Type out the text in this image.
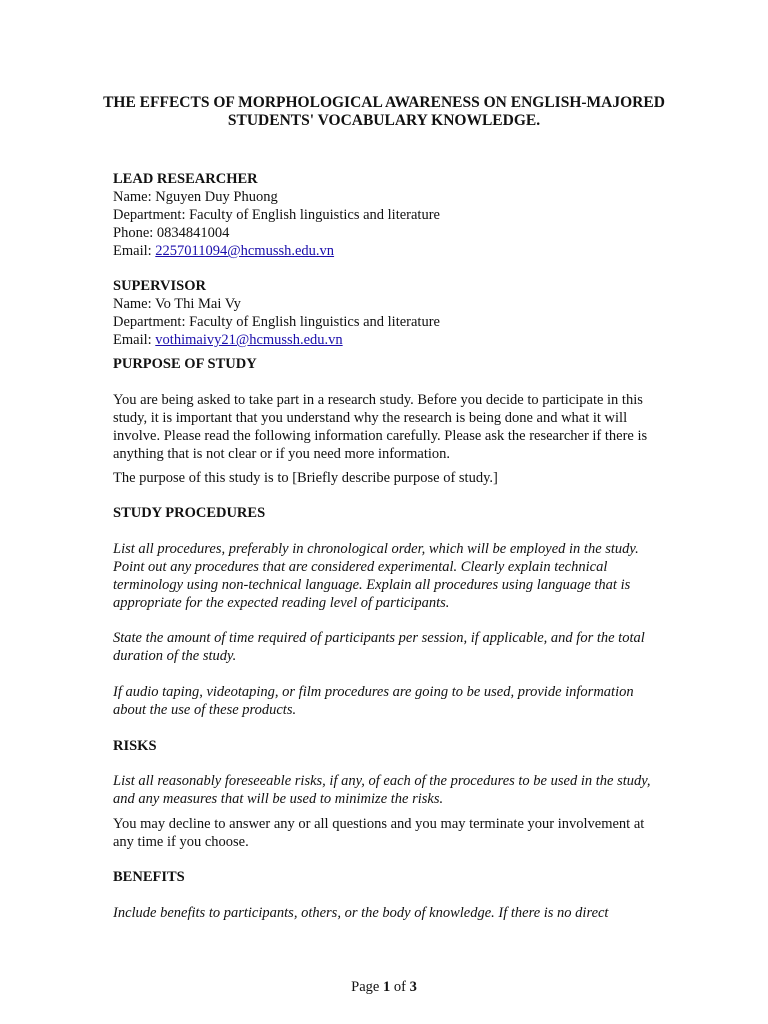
THE EFFECTS OF MORPHOLOGICAL AWARENESS ON ENGLISH-MAJORED STUDENTS' VOCABULARY KNOWLEDGE.
LEAD RESEARCHER
Name: Nguyen Duy Phuong
Department: Faculty of English linguistics and literature
Phone: 0834841004
Email: 2257011094@hcmussh.edu.vn
SUPERVISOR
Name: Vo Thi Mai Vy
Department: Faculty of English linguistics and literature
Email: vothimaivy21@hcmussh.edu.vn
PURPOSE OF STUDY
You are being asked to take part in a research study. Before you decide to participate in this study, it is important that you understand why the research is being done and what it will involve. Please read the following information carefully. Please ask the researcher if there is anything that is not clear or if you need more information.
The purpose of this study is to [Briefly describe purpose of study.]
STUDY PROCEDURES
List all procedures, preferably in chronological order, which will be employed in the study. Point out any procedures that are considered experimental. Clearly explain technical terminology using non-technical language. Explain all procedures using language that is appropriate for the expected reading level of participants.
State the amount of time required of participants per session, if applicable, and for the total duration of the study.
If audio taping, videotaping, or film procedures are going to be used, provide information about the use of these products.
RISKS
List all reasonably foreseeable risks, if any, of each of the procedures to be used in the study, and any measures that will be used to minimize the risks.
You may decline to answer any or all questions and you may terminate your involvement at any time if you choose.
BENEFITS
Include benefits to participants, others, or the body of knowledge. If there is no direct
Page 1 of 3
